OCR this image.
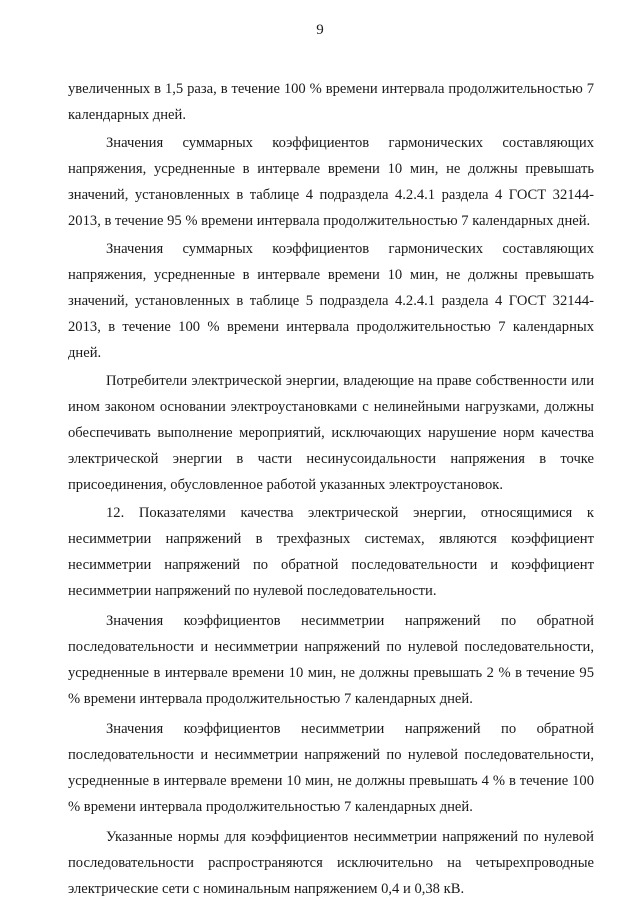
9

увеличенных в 1,5 раза, в течение 100 % времени интервала продолжительностью 7 календарных дней.

Значения суммарных коэффициентов гармонических составляющих напряжения, усредненные в интервале времени 10 мин, не должны превышать значений, установленных в таблице 4 подраздела 4.2.4.1 раздела 4 ГОСТ 32144-2013, в течение 95 % времени интервала продолжительностью 7 календарных дней.

Значения суммарных коэффициентов гармонических составляющих напряжения, усредненные в интервале времени 10 мин, не должны превышать значений, установленных в таблице 5 подраздела 4.2.4.1 раздела 4 ГОСТ 32144-2013, в течение 100 % времени интервала продолжительностью 7 календарных дней.

Потребители электрической энергии, владеющие на праве собственности или ином законом основании электроустановками с нелинейными нагрузками, должны обеспечивать выполнение мероприятий, исключающих нарушение норм качества электрической энергии в части несинусоидальности напряжения в точке присоединения, обусловленное работой указанных электроустановок.

12. Показателями качества электрической энергии, относящимися к несимметрии напряжений в трехфазных системах, являются коэффициент несимметрии напряжений по обратной последовательности и коэффициент несимметрии напряжений по нулевой последовательности.

Значения коэффициентов несимметрии напряжений по обратной последовательности и несимметрии напряжений по нулевой последовательности, усредненные в интервале времени 10 мин, не должны превышать 2 % в течение 95 % времени интервала продолжительностью 7 календарных дней.

Значения коэффициентов несимметрии напряжений по обратной последовательности и несимметрии напряжений по нулевой последовательности, усредненные в интервале времени 10 мин, не должны превышать 4 % в течение 100 % времени интервала продолжительностью 7 календарных дней.

Указанные нормы для коэффициентов несимметрии напряжений по нулевой последовательности распространяются исключительно на четырехпроводные электрические сети с номинальным напряжением 0,4 и 0,38 кВ.
